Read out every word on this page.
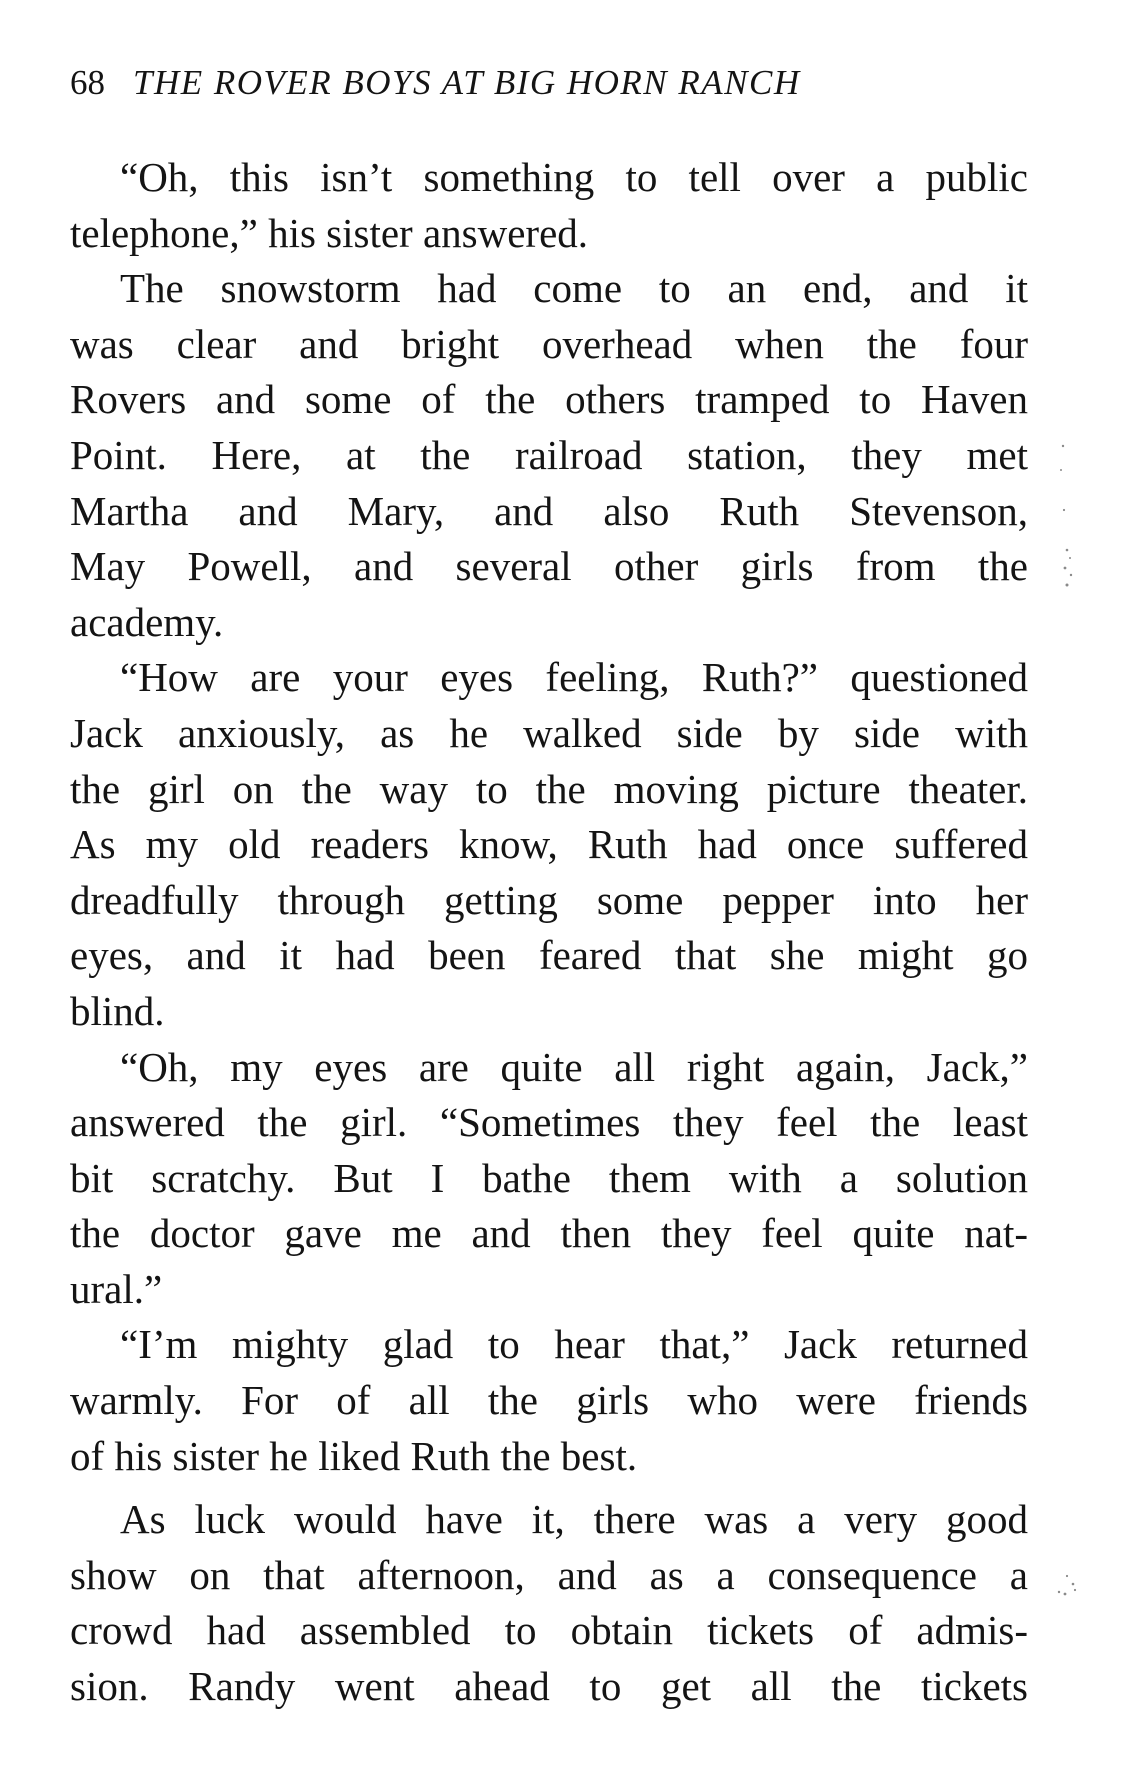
68 THE ROVER BOYS AT BIG HORN RANCH
“Oh, this isn’t something to tell over a public
telephone,” his sister answered.
The snowstorm had come to an end, and it
was clear and bright overhead when the four
Rovers and some of the others tramped to Haven
Point. Here, at the railroad station, they met
Martha and Mary, and also Ruth Stevenson,
May Powell, and several other girls from the
academy.
“How are your eyes feeling, Ruth?” questioned
Jack anxiously, as he walked side by side with
the girl on the way to the moving picture theater.
As my old readers know, Ruth had once suffered
dreadfully through getting some pepper into her
eyes, and it had been feared that she might go
blind.
“Oh, my eyes are quite all right again, Jack,”
answered the girl. “Sometimes they feel the least
bit scratchy. But I bathe them with a solution
the doctor gave me and then they feel quite nat-
ural.”
“I’m mighty glad to hear that,” Jack returned
warmly. For of all the girls who were friends
of his sister he liked Ruth the best.
As luck would have it, there was a very good
show on that afternoon, and as a consequence a
crowd had assembled to obtain tickets of admis-
sion. Randy went ahead to get all the tickets
